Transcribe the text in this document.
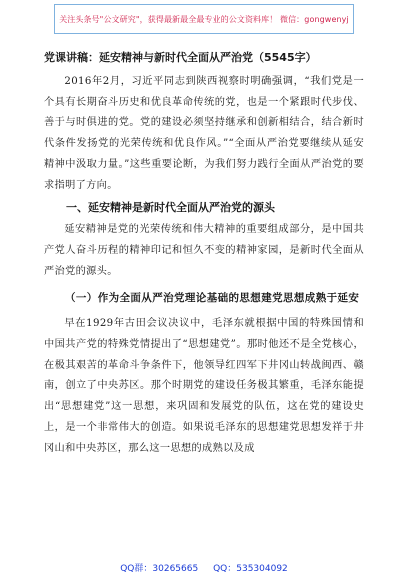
关注头条号"公文研究"，获得最新最全最专业的公文资料库！ 微信：gongwenyj
党课讲稿：延安精神与新时代全面从严治党（5545字）

2016年2月，习近平同志到陕西视察时明确强调，“我们党是一个具有长期奋斗历史和优良革命传统的党，也是一个紧跟时代步伐、善于与时俱进的党。党的建设必须坚持继承和创新相结合，结合新时代条件发扬党的光荣传统和优良作风。”“全面从严治党要继续从延安精神中汲取力量。”这些重要论断，为我们努力践行全面从严治党的要求指明了方向。

一、延安精神是新时代全面从严治党的源头

延安精神是党的光荣传统和伟大精神的重要组成部分，是中国共产党人奋斗历程的精神印记和恒久不变的精神家园，是新时代全面从严治党的源头。

（一）作为全面从严治党理论基础的思想建党思想成熟于延安

早在1929年古田会议决议中，毛泽东就根据中国的特殊国情和中国共产党的特殊党情提出了“思想建党”。那时他还不是全党核心，在极其艰苦的革命斗争条件下，他领导红四军下井冈山转战闽西、赣南，创立了中央苏区。那个时期党的建设任务极其繁重，毛泽东能提出“思想建党”这一思想，来巩固和发展党的队伍，这在党的建设史上，是一个非常伟大的创造。如果说毛泽东的思想建党思想发祥于井冈山和中央苏区，那么这一思想的成熟以及成

QQ群：30265665 QQ：535304092
